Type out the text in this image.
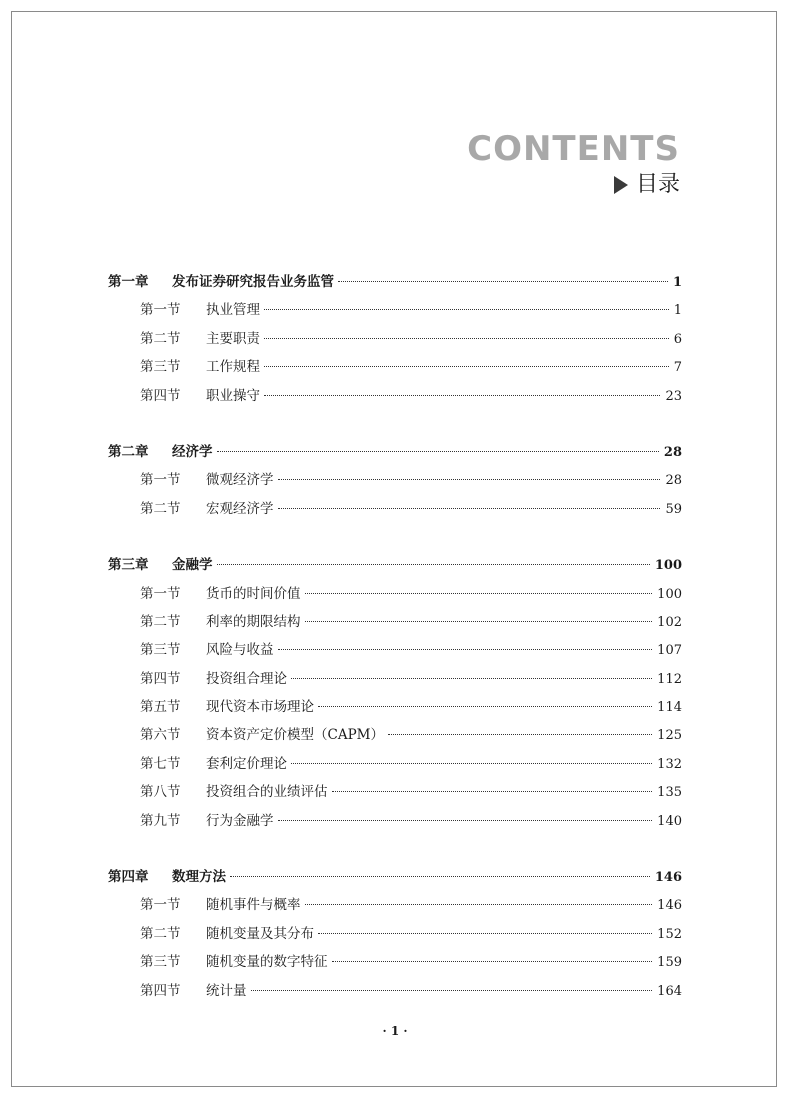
CONTENTS
目录
第一章	发布证券研究报告业务监管	1
第一节	执业管理	1
第二节	主要职责	6
第三节	工作规程	7
第四节	职业操守	23
第二章	经济学	28
第一节	微观经济学	28
第二节	宏观经济学	59
第三章	金融学	100
第一节	货币的时间价值	100
第二节	利率的期限结构	102
第三节	风险与收益	107
第四节	投资组合理论	112
第五节	现代资本市场理论	114
第六节	资本资产定价模型（CAPM）	125
第七节	套利定价理论	132
第八节	投资组合的业绩评估	135
第九节	行为金融学	140
第四章	数理方法	146
第一节	随机事件与概率	146
第二节	随机变量及其分布	152
第三节	随机变量的数字特征	159
第四节	统计量	164
· 1 ·
